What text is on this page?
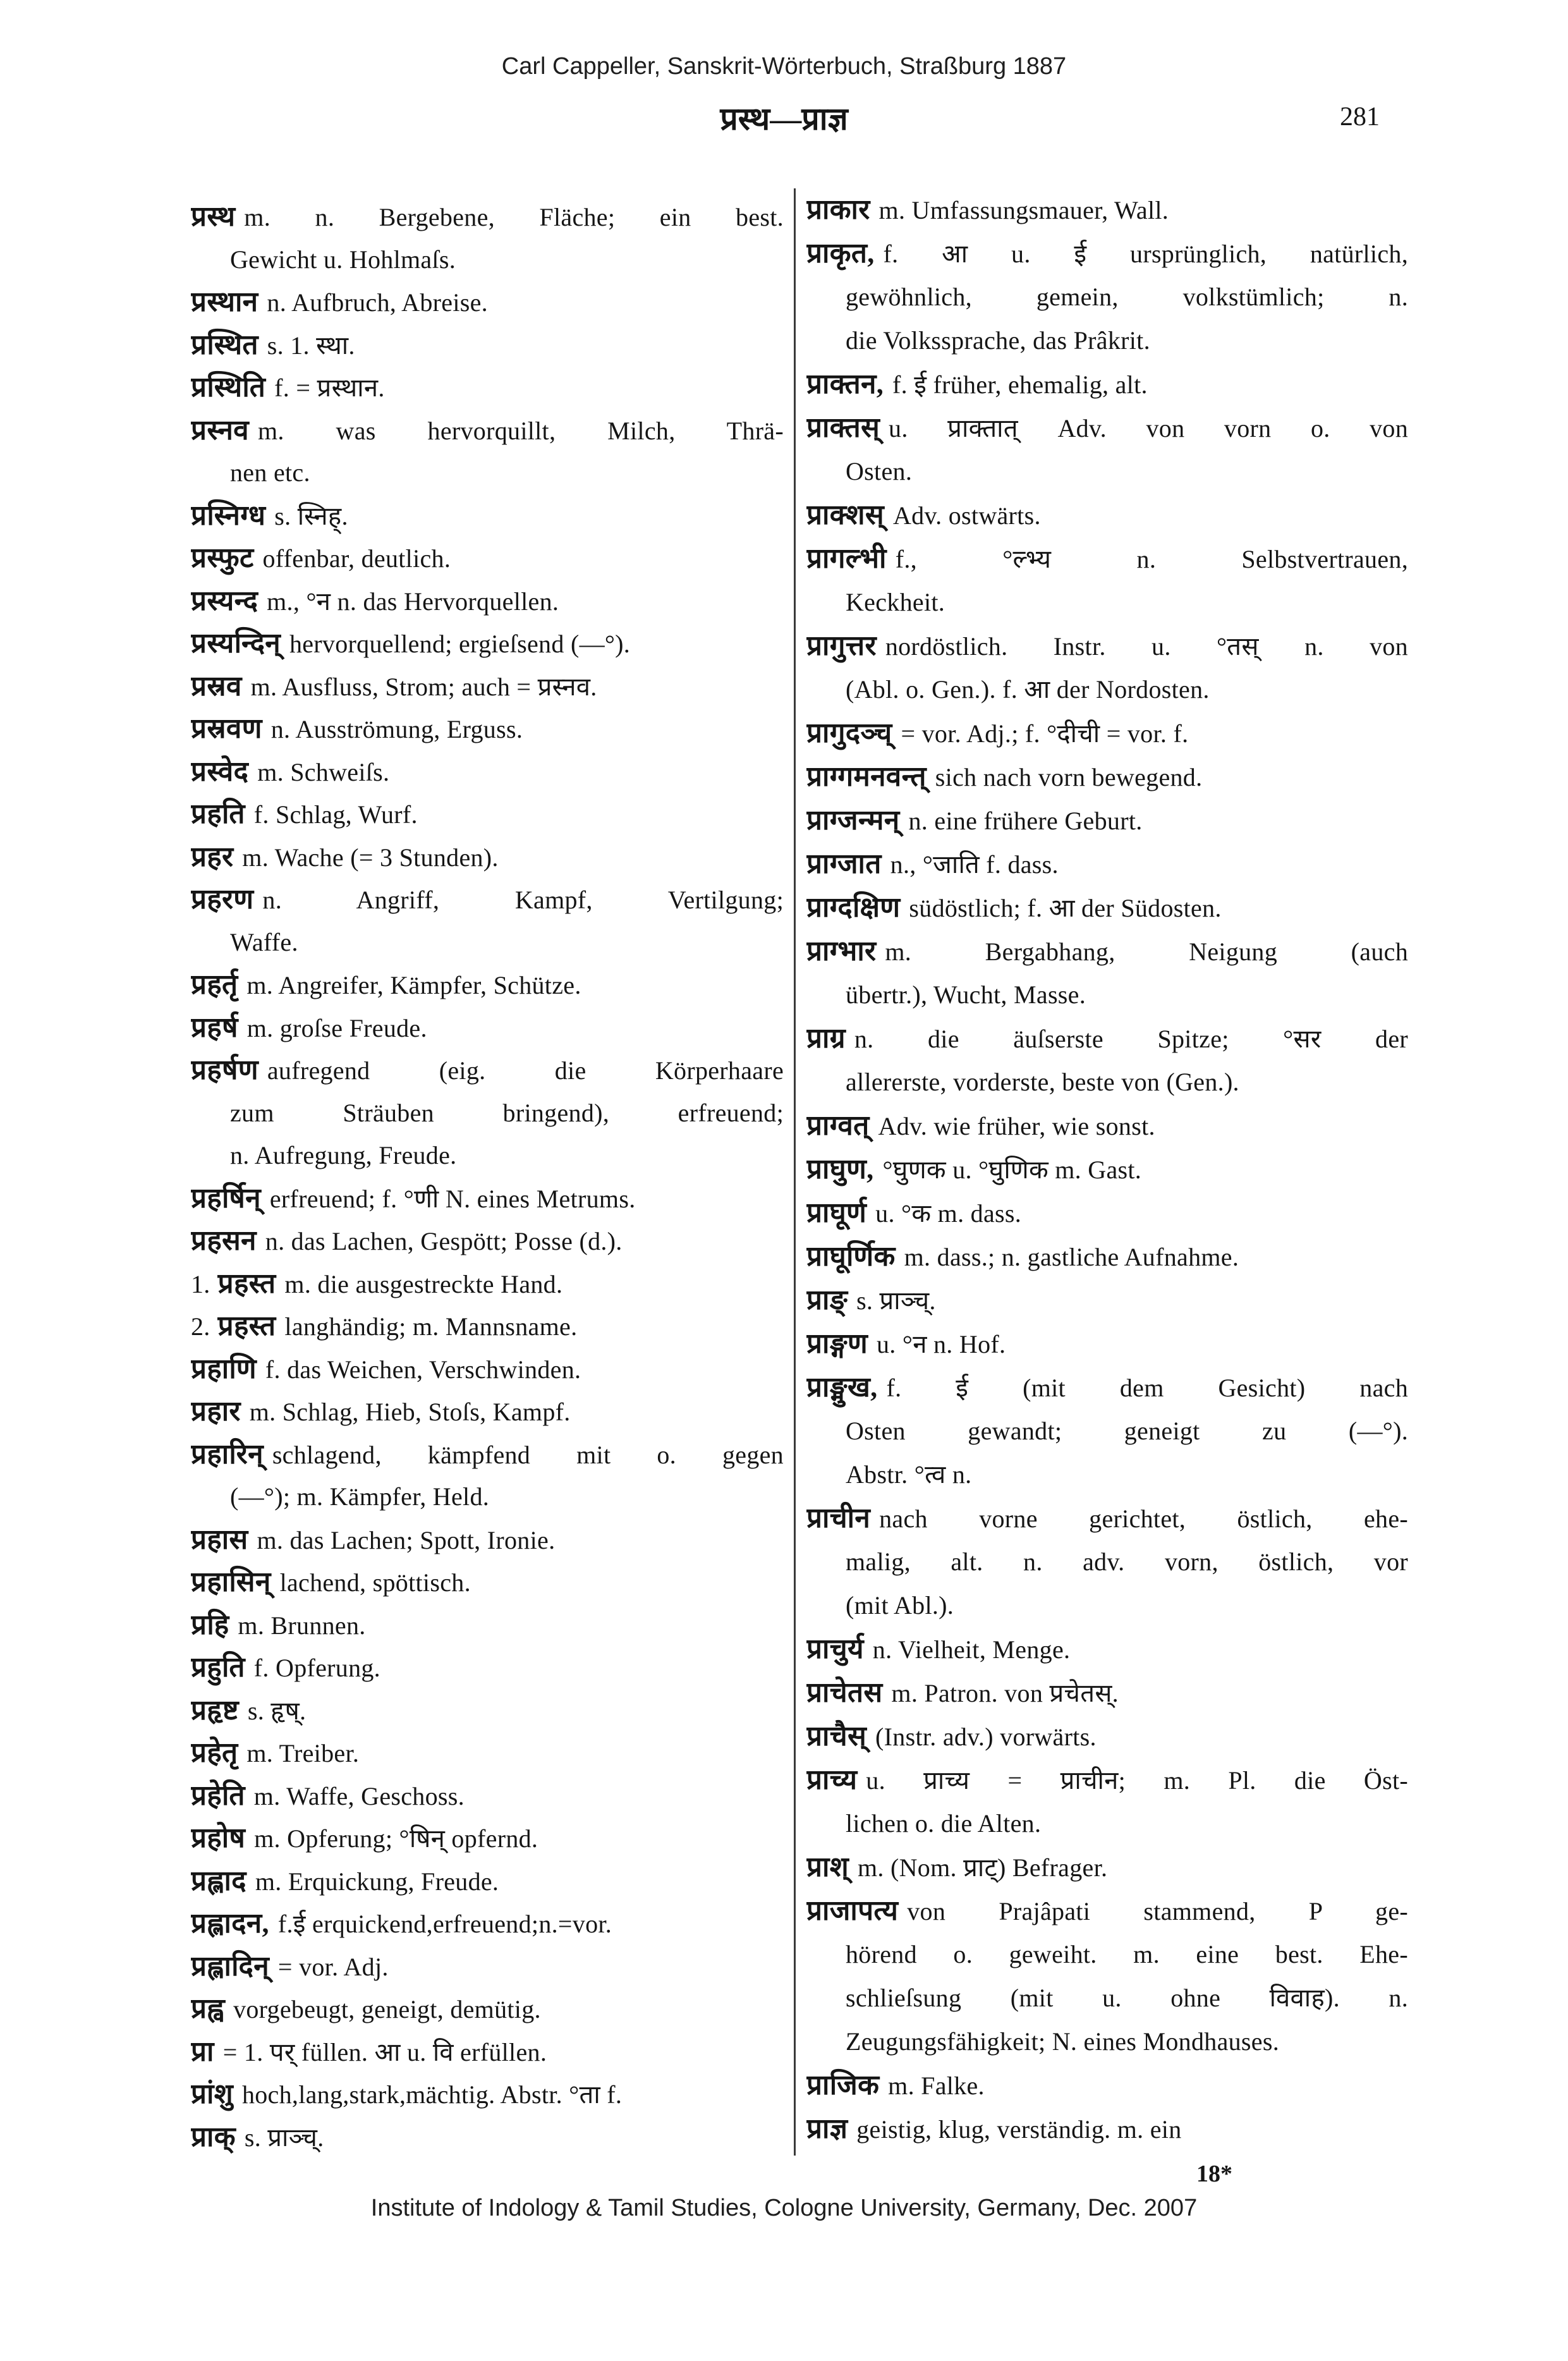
Carl Cappeller, Sanskrit-Wörterbuch, Straßburg 1887
प्रस्थ—प्राज्ञ	281
प्रस्थ m. n. Bergebene, Fläche; ein best.
Gewicht u. Hohlmaſs.
प्रस्थान n. Aufbruch, Abreise.
प्रस्थित s. 1. स्था.
प्रस्थिति f. = प्रस्थान.
प्रस्नव m. was hervorquillt, Milch, Thrä-
nen etc.
प्रस्निग्ध s. स्निह्.
प्रस्फुट offenbar, deutlich.
प्रस्यन्द m., °न n. das Hervorquellen.
प्रस्यन्दिन् hervorquellend; ergieſsend (—°).
प्रस्रव m. Ausfluss, Strom; auch = प्रस्नव.
प्रस्रवण n. Ausströmung, Erguss.
प्रस्वेद m. Schweiſs.
प्रहति f. Schlag, Wurf.
प्रहर m. Wache (= 3 Stunden).
प्रहरण n. Angriff, Kampf, Vertilgung;
Waffe.
प्रहर्तृ m. Angreifer, Kämpfer, Schütze.
प्रहर्ष m. groſse Freude.
प्रहर्षण aufregend (eig. die Körperhaare
zum Sträuben bringend), erfreuend;
n. Aufregung, Freude.
प्रहर्षिन् erfreuend; f. °णी N. eines Metrums.
प्रहसन n. das Lachen, Gespött; Posse (d.).
1. प्रहस्त m. die ausgestreckte Hand.
2. प्रहस्त langhändig; m. Mannsname.
प्रहाणि f. das Weichen, Verschwinden.
प्रहार m. Schlag, Hieb, Stoſs, Kampf.
प्रहारिन् schlagend, kämpfend mit o. gegen
(—°); m. Kämpfer, Held.
प्रहास m. das Lachen; Spott, Ironie.
प्रहासिन् lachend, spöttisch.
प्रहि m. Brunnen.
प्रहुति f. Opferung.
प्रहृष्ट s. हृष्.
प्रहेतृ m. Treiber.
प्रहेति m. Waffe, Geschoss.
प्रहोष m. Opferung; °षिन् opfernd.
प्रह्लाद m. Erquickung, Freude.
प्रह्लादन, f.ई erquickend,erfreuend;n.=vor.
प्रह्लादिन् = vor. Adj.
प्रह्व vorgebeugt, geneigt, demütig.
प्रा = 1. पर् füllen. आ u. वि erfüllen.
प्रांशु hoch,lang,stark,mächtig. Abstr. °ता f.
प्राक् s. प्राञ्च्.
प्राकार m. Umfassungsmauer, Wall.
प्राकृत, f. आ u. ई ursprünglich, natürlich,
gewöhnlich, gemein, volkstümlich; n.
die Volkssprache, das Prâkrit.
प्राक्तन, f. ई früher, ehemalig, alt.
प्राक्तस् u. प्राक्तात् Adv. von vorn o. von
Osten.
प्राक्शस् Adv. ostwärts.
प्रागल्भी f., °ल्भ्य n. Selbstvertrauen,
Keckheit.
प्रागुत्तर nordöstlich. Instr. u. °तस् n. von
(Abl. o. Gen.). f. आ der Nordosten.
प्रागुदञ्च् = vor. Adj.; f. °दीची = vor. f.
प्राग्गमनवन्त् sich nach vorn bewegend.
प्राग्जन्मन् n. eine frühere Geburt.
प्राग्जात n., °जाति f. dass.
प्राग्दक्षिण südöstlich; f. आ der Südosten.
प्राग्भार m. Bergabhang, Neigung (auch
übertr.), Wucht, Masse.
प्राग्र n. die äuſserste Spitze; °सर der
allererste, vorderste, beste von (Gen.).
प्राग्वत् Adv. wie früher, wie sonst.
प्राघुण, °घुणक u. °घुणिक m. Gast.
प्राघूर्ण u. °क m. dass.
प्राघूर्णिक m. dass.; n. gastliche Aufnahme.
प्राङ् s. प्राञ्च्.
प्राङ्गण u. °न n. Hof.
प्राङ्मुख, f. ई (mit dem Gesicht) nach
Osten gewandt; geneigt zu (—°).
Abstr. °त्व n.
प्राचीन nach vorne gerichtet, östlich, ehe-
malig, alt. n. adv. vorn, östlich, vor
(mit Abl.).
प्राचुर्य n. Vielheit, Menge.
प्राचेतस m. Patron. von प्रचेतस्.
प्राचैस् (Instr. adv.) vorwärts.
प्राच्य u. प्राच्य = प्राचीन; m. Pl. die Öst-
lichen o. die Alten.
प्राश् m. (Nom. प्राट्) Befrager.
प्राजापत्य von Prajâpati stammend, P ge-
hörend o. geweiht. m. eine best. Ehe-
schlieſsung (mit u. ohne विवाह). n.
Zeugungsfähigkeit; N. eines Mondhauses.
प्राजिक m. Falke.
प्राज्ञ geistig, klug, verständig. m. ein
18*
Institute of Indology & Tamil Studies, Cologne University, Germany, Dec. 2007
